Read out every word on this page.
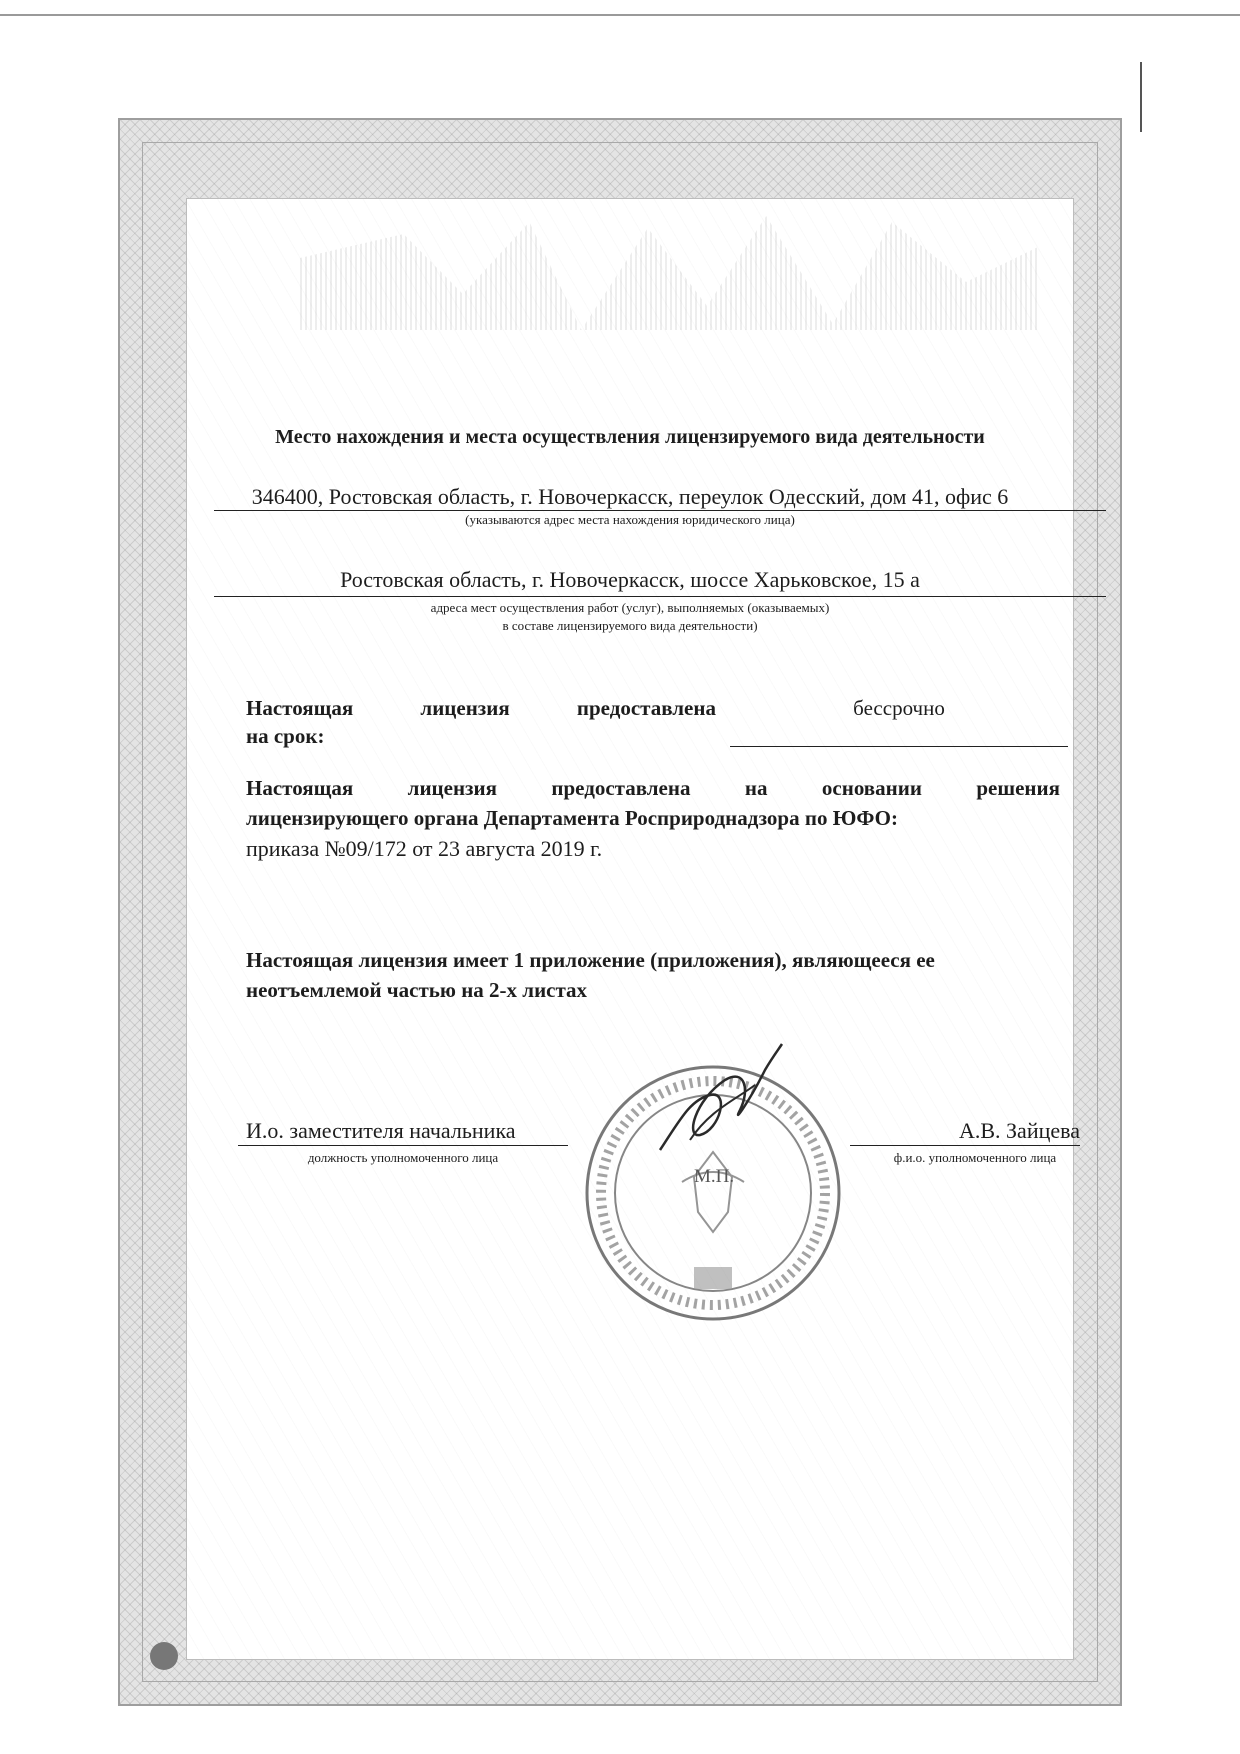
Место нахождения и места осуществления лицензируемого вида деятельности
346400, Ростовская область, г. Новочеркасск, переулок Одесский, дом 41, офис 6
(указываются адрес места нахождения юридического лица)
Ростовская область, г. Новочеркасск, шоссе Харьковское, 15 а
адреса мест осуществления работ (услуг), выполняемых (оказываемых)
в составе лицензируемого вида деятельности)
Настоящая	лицензия	предоставлена
на срок:
бессрочно
Настоящая	лицензия	предоставлена	на	основании	решения
лицензирующего органа Департамента Росприроднадзора по ЮФО:
приказа №09/172 от 23 августа 2019 г.
Настоящая лицензия имеет 1 приложение (приложения), являющееся ее
неотъемлемой частью на 2-х листах
И.о. заместителя начальника
должность уполномоченного лица
М.П.
А.В. Зайцева
ф.и.о. уполномоченного лица
